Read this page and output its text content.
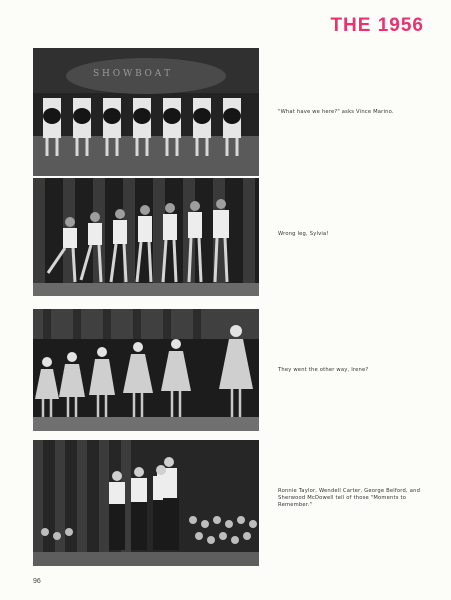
THE 1956
S H O W B O A T
"What have we here?" asks Vince Marino.
Wrong leg, Sylvia!
They went the other way, Irene?
Ronnie Taylor, Wendell Carter, George Belford, and Sherwood McDowell tell of those "Moments to Remember."
96
